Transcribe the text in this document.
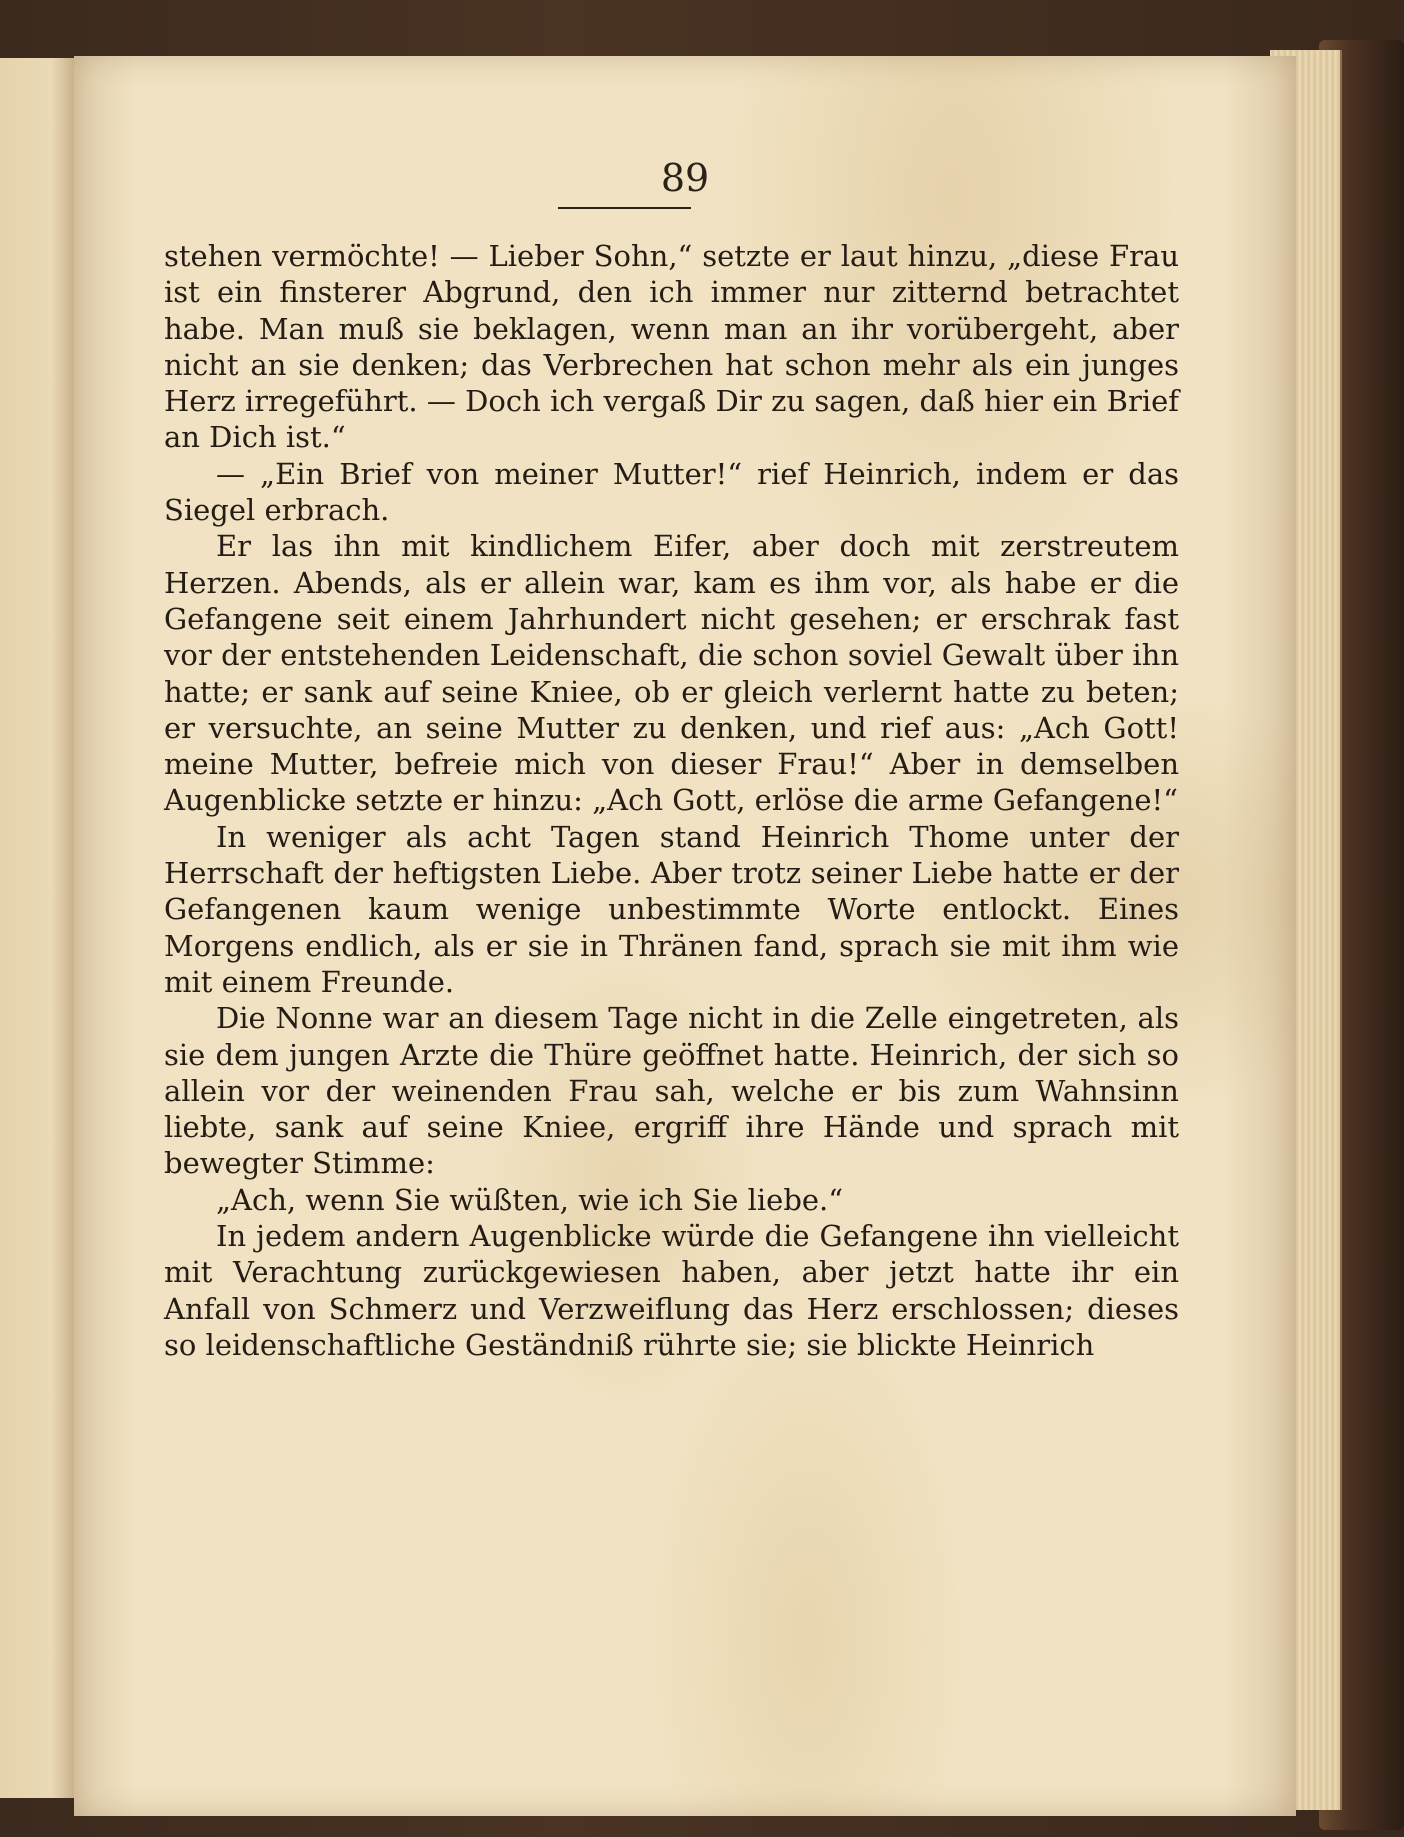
89

stehen vermöchte! — Lieber Sohn,“ setzte er laut hinzu, „diese Frau ist ein finsterer Abgrund, den ich immer nur zitternd betrachtet habe. Man muß sie beklagen, wenn man an ihr vorübergeht, aber nicht an sie denken; das Verbrechen hat schon mehr als ein junges Herz irregeführt. — Doch ich vergaß Dir zu sagen, daß hier ein Brief an Dich ist.“

— „Ein Brief von meiner Mutter!“ rief Heinrich, indem er das Siegel erbrach.

Er las ihn mit kindlichem Eifer, aber doch mit zerstreutem Herzen. Abends, als er allein war, kam es ihm vor, als habe er die Gefangene seit einem Jahrhundert nicht gesehen; er erschrak fast vor der entstehenden Leidenschaft, die schon soviel Gewalt über ihn hatte; er sank auf seine Kniee, ob er gleich verlernt hatte zu beten; er versuchte, an seine Mutter zu denken, und rief aus: „Ach Gott! meine Mutter, befreie mich von dieser Frau!“ Aber in demselben Augenblicke setzte er hinzu: „Ach Gott, erlöse die arme Gefangene!“

In weniger als acht Tagen stand Heinrich Thome unter der Herrschaft der heftigsten Liebe. Aber trotz seiner Liebe hatte er der Gefangenen kaum wenige unbestimmte Worte entlockt. Eines Morgens endlich, als er sie in Thränen fand, sprach sie mit ihm wie mit einem Freunde.

Die Nonne war an diesem Tage nicht in die Zelle eingetreten, als sie dem jungen Arzte die Thüre geöffnet hatte. Heinrich, der sich so allein vor der weinenden Frau sah, welche er bis zum Wahnsinn liebte, sank auf seine Kniee, ergriff ihre Hände und sprach mit bewegter Stimme:

„Ach, wenn Sie wüßten, wie ich Sie liebe.“

In jedem andern Augenblicke würde die Gefangene ihn vielleicht mit Verachtung zurückgewiesen haben, aber jetzt hatte ihr ein Anfall von Schmerz und Verzweiflung das Herz erschlossen; dieses so leidenschaftliche Geständniß rührte sie; sie blickte Heinrich
